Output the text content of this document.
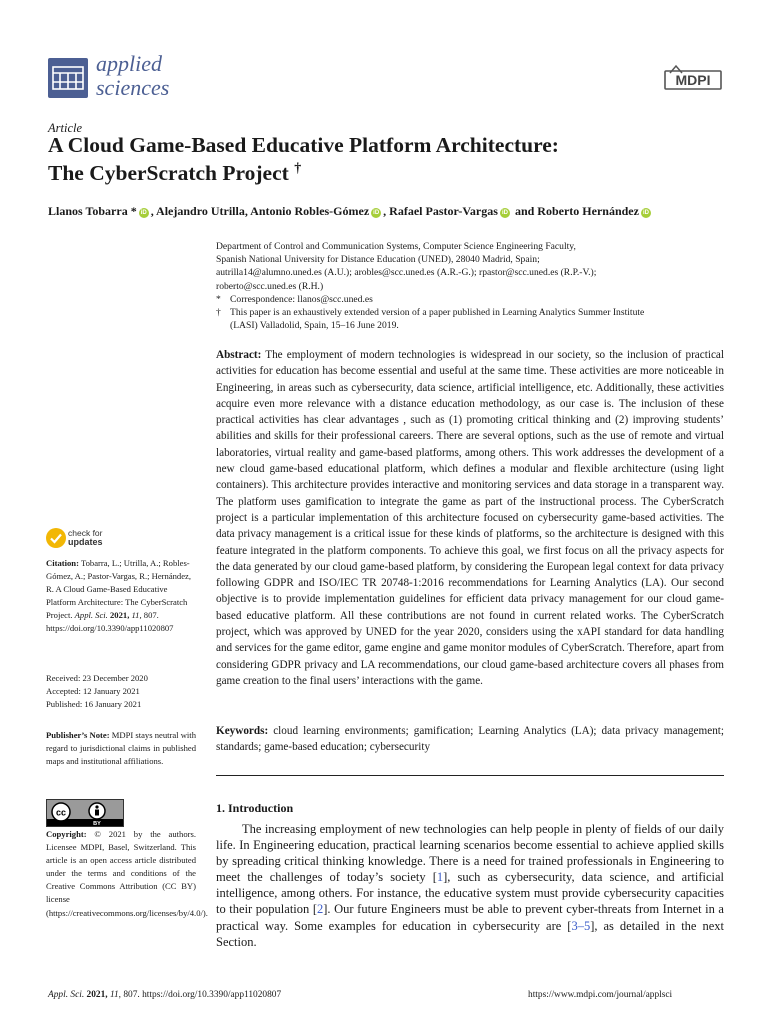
applied
sciences	MDPI
Article
A Cloud Game-Based Educative Platform Architecture:
The CyberScratch Project †
Llanos Tobarra * iD , Alejandro Utrilla, Antonio Robles-Gómez iD , Rafael Pastor-Vargas iD and Roberto Hernández iD

Department of Control and Communication Systems, Computer Science Engineering Faculty,

Spanish National University for Distance Education (UNED), 28040 Madrid, Spain;

autrilla14@alumno.uned.es (A.U.); arobles@scc.uned.es (A.R.-G.); rpastor@scc.uned.es (R.P.-V.);

roberto@scc.uned.es (R.H.)

* Correspondence: llanos@scc.uned.es
† This paper is an exhaustively extended version of a paper published in Learning Analytics Summer Institute
(LASI) Valladolid, Spain, 15–16 June 2019.

Abstract: The employment of modern technologies is widespread in our society, so the inclusion of practical activities for education has become essential and useful at the same time. These activities are more noticeable in Engineering, in areas such as cybersecurity, data science, artificial intelligence, etc. Additionally, these activities acquire even more relevance with a distance education methodology, as our case is. The inclusion of these practical activities has clear advantages , such as (1) promoting critical thinking and (2) improving students’ abilities and skills for their professional careers. There are several options, such as the use of remote and virtual laboratories, virtual reality and game-based platforms, among others. This work addresses the development of a new cloud game-based educational platform, which defines a modular and flexible architecture (using light containers). This architecture provides interactive and monitoring services and data storage in a transparent way. The platform uses gamification to integrate the game as part of the instructional process. The CyberScratch project is a particular implementation of this architecture focused on cybersecurity game-based activities. The data privacy management is a critical issue for these kinds of platforms, so the architecture is designed with this feature integrated in the platform components. To achieve this goal, we first focus on all the privacy aspects for the data generated by our cloud game-based platform, by considering the European legal context for data privacy following GDPR and ISO/IEC TR 20748-1:2016 recommendations for Learning Analytics (LA). Our second objective is to provide implementation guidelines for efficient data privacy management for our cloud game-based educative platform. All these contributions are not found in current related works. The CyberScratch project, which was approved by UNED for the year 2020, considers using the xAPI standard for data handling and services for the game editor, game engine and game monitor modules of CyberScratch. Therefore, apart from considering GDPR privacy and LA recommendations, our cloud game-based architecture covers all phases from game creation to the final users’ interactions with the game.

Keywords: cloud learning environments; gamification; Learning Analytics (LA); data privacy management; standards; game-based education; cybersecurity

1. Introduction

The increasing employment of new technologies can help people in plenty of fields of our daily life. In Engineering education, practical learning scenarios become essential to achieve applied skills by spreading critical thinking knowledge. There is a need for trained professionals in Engineering to meet the challenges of today’s society [1], such as cybersecurity, data science, and artificial intelligence, among others. For instance, the educative system must provide cybersecurity capacities to their population [2]. Our future Engineers must be able to prevent cyber-threats from Internet in a practical way. Some examples for education in cybersecurity are [3–5], as detailed in the next Section.

check for
updates

Citation: Tobarra, L.; Utrilla, A.; Robles-Gómez, A.; Pastor-Vargas, R.; Hernández, R. A Cloud Game-Based Educative Platform Architecture: The CyberScratch Project. Appl. Sci. 2021, 11, 807. https://doi.org/10.3390/app11020807

Received: 23 December 2020

Accepted: 12 January 2021

Published: 16 January 2021

Publisher’s Note: MDPI stays neutral with regard to jurisdictional claims in published maps and institutional affiliations.

cc
BY

Copyright: © 2021 by the authors. Licensee MDPI, Basel, Switzerland. This article is an open access article distributed under the terms and conditions of the Creative Commons Attribution (CC BY) license (https://creativecommons.org/licenses/by/4.0/).

Appl. Sci. 2021, 11, 807. https://doi.org/10.3390/app11020807	https://www.mdpi.com/journal/applsci
